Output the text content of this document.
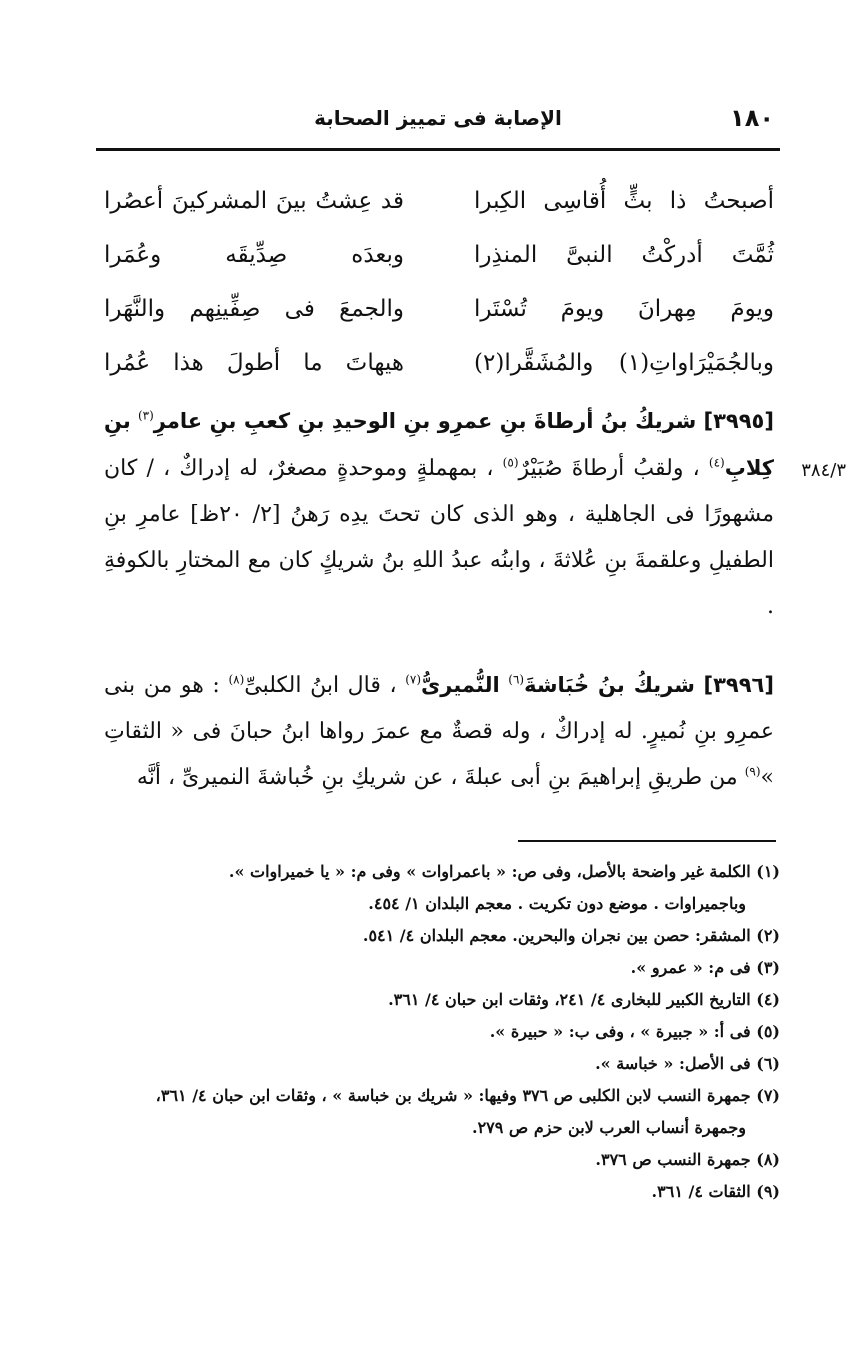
١٨٠
الإصابة فى تمييز الصحابة
أصبحتُ ذا بثٍّ أُقاسِى الكِبرا
قد عِشتُ بينَ المشركينَ أعصُرا
ثُمَّتَ أدركْتُ النبىَّ المنذِرا
وبعدَه صِدِّيقَه وعُمَرا
ويومَ مِهرانَ ويومَ تُسْتَرا
والجمعَ فى صِفِّينِهم والنَّهَرا
وبالجُمَيْرَاواتِ(١) والمُشَقَّرا(٢)
هيهاتَ ما أطولَ هذا عُمُرا
[٣٩٩٥] شريكُ بنُ أرطاةَ بنِ عمرِو بنِ الوحيدِ بنِ كعبِ بنِ عامرِ$^{(٣)}$ بنِ كِلابِ$^{(٤)}$ ، ولقبُ أرطاةَ صُبَيْرٌ$^{(٥)}$ ، بمهملةٍ وموحدةٍ مصغرٌ، له إدراكٌ ، / كان مشهورًا فى الجاهلية ، وهو الذى كان تحتَ يدِه رَهنُ [٢/ ٢٠ظ] عامرِ بنِ الطفيلِ وعلقمةَ بنِ عُلاثةَ ، وابنُه عبدُ اللهِ بنُ شريكٍ كان مع المختارِ بالكوفةِ .
٣٨٤/٣
[٣٩٩٦] شريكُ بنُ خُبَاشةَ$^{(٦)}$ النُّميرىُّ$^{(٧)}$ ، قال ابنُ الكلبىِّ$^{(٨)}$ : هو من بنى عمرِو بنِ نُميرٍ. له إدراكٌ ، وله قصةٌ مع عمرَ رواها ابنُ حبانَ فى « الثقاتِ »$^{(٩)}$ من طريقِ إبراهيمَ بنِ أبى عبلةَ ، عن شريكِ بنِ خُباشةَ النميرىِّ ، أنَّه
(١) الكلمة غير واضحة بالأصل، وفى ص: « باعمراوات » وفى م: « يا خميراوات ».
وباجميراوات . موضع دون تكريت . معجم البلدان ١/ ٤٥٤.
(٢) المشقر: حصن بين نجران والبحرين. معجم البلدان ٤/ ٥٤١.
(٣) فى م: « عمرو ».
(٤) التاريخ الكبير للبخارى ٤/ ٢٤١، وثقات ابن حبان ٤/ ٣٦١.
(٥) فى أ: « جبيرة » ، وفى ب: « حبيرة ».
(٦) فى الأصل: « خباسة ».
(٧) جمهرة النسب لابن الكلبى ص ٣٧٦ وفيها: « شريك بن خباسة » ، وثقات ابن حبان ٤/ ٣٦١،
وجمهرة أنساب العرب لابن حزم ص ٢٧٩.
(٨) جمهرة النسب ص ٣٧٦.
(٩) الثقات ٤/ ٣٦١.
